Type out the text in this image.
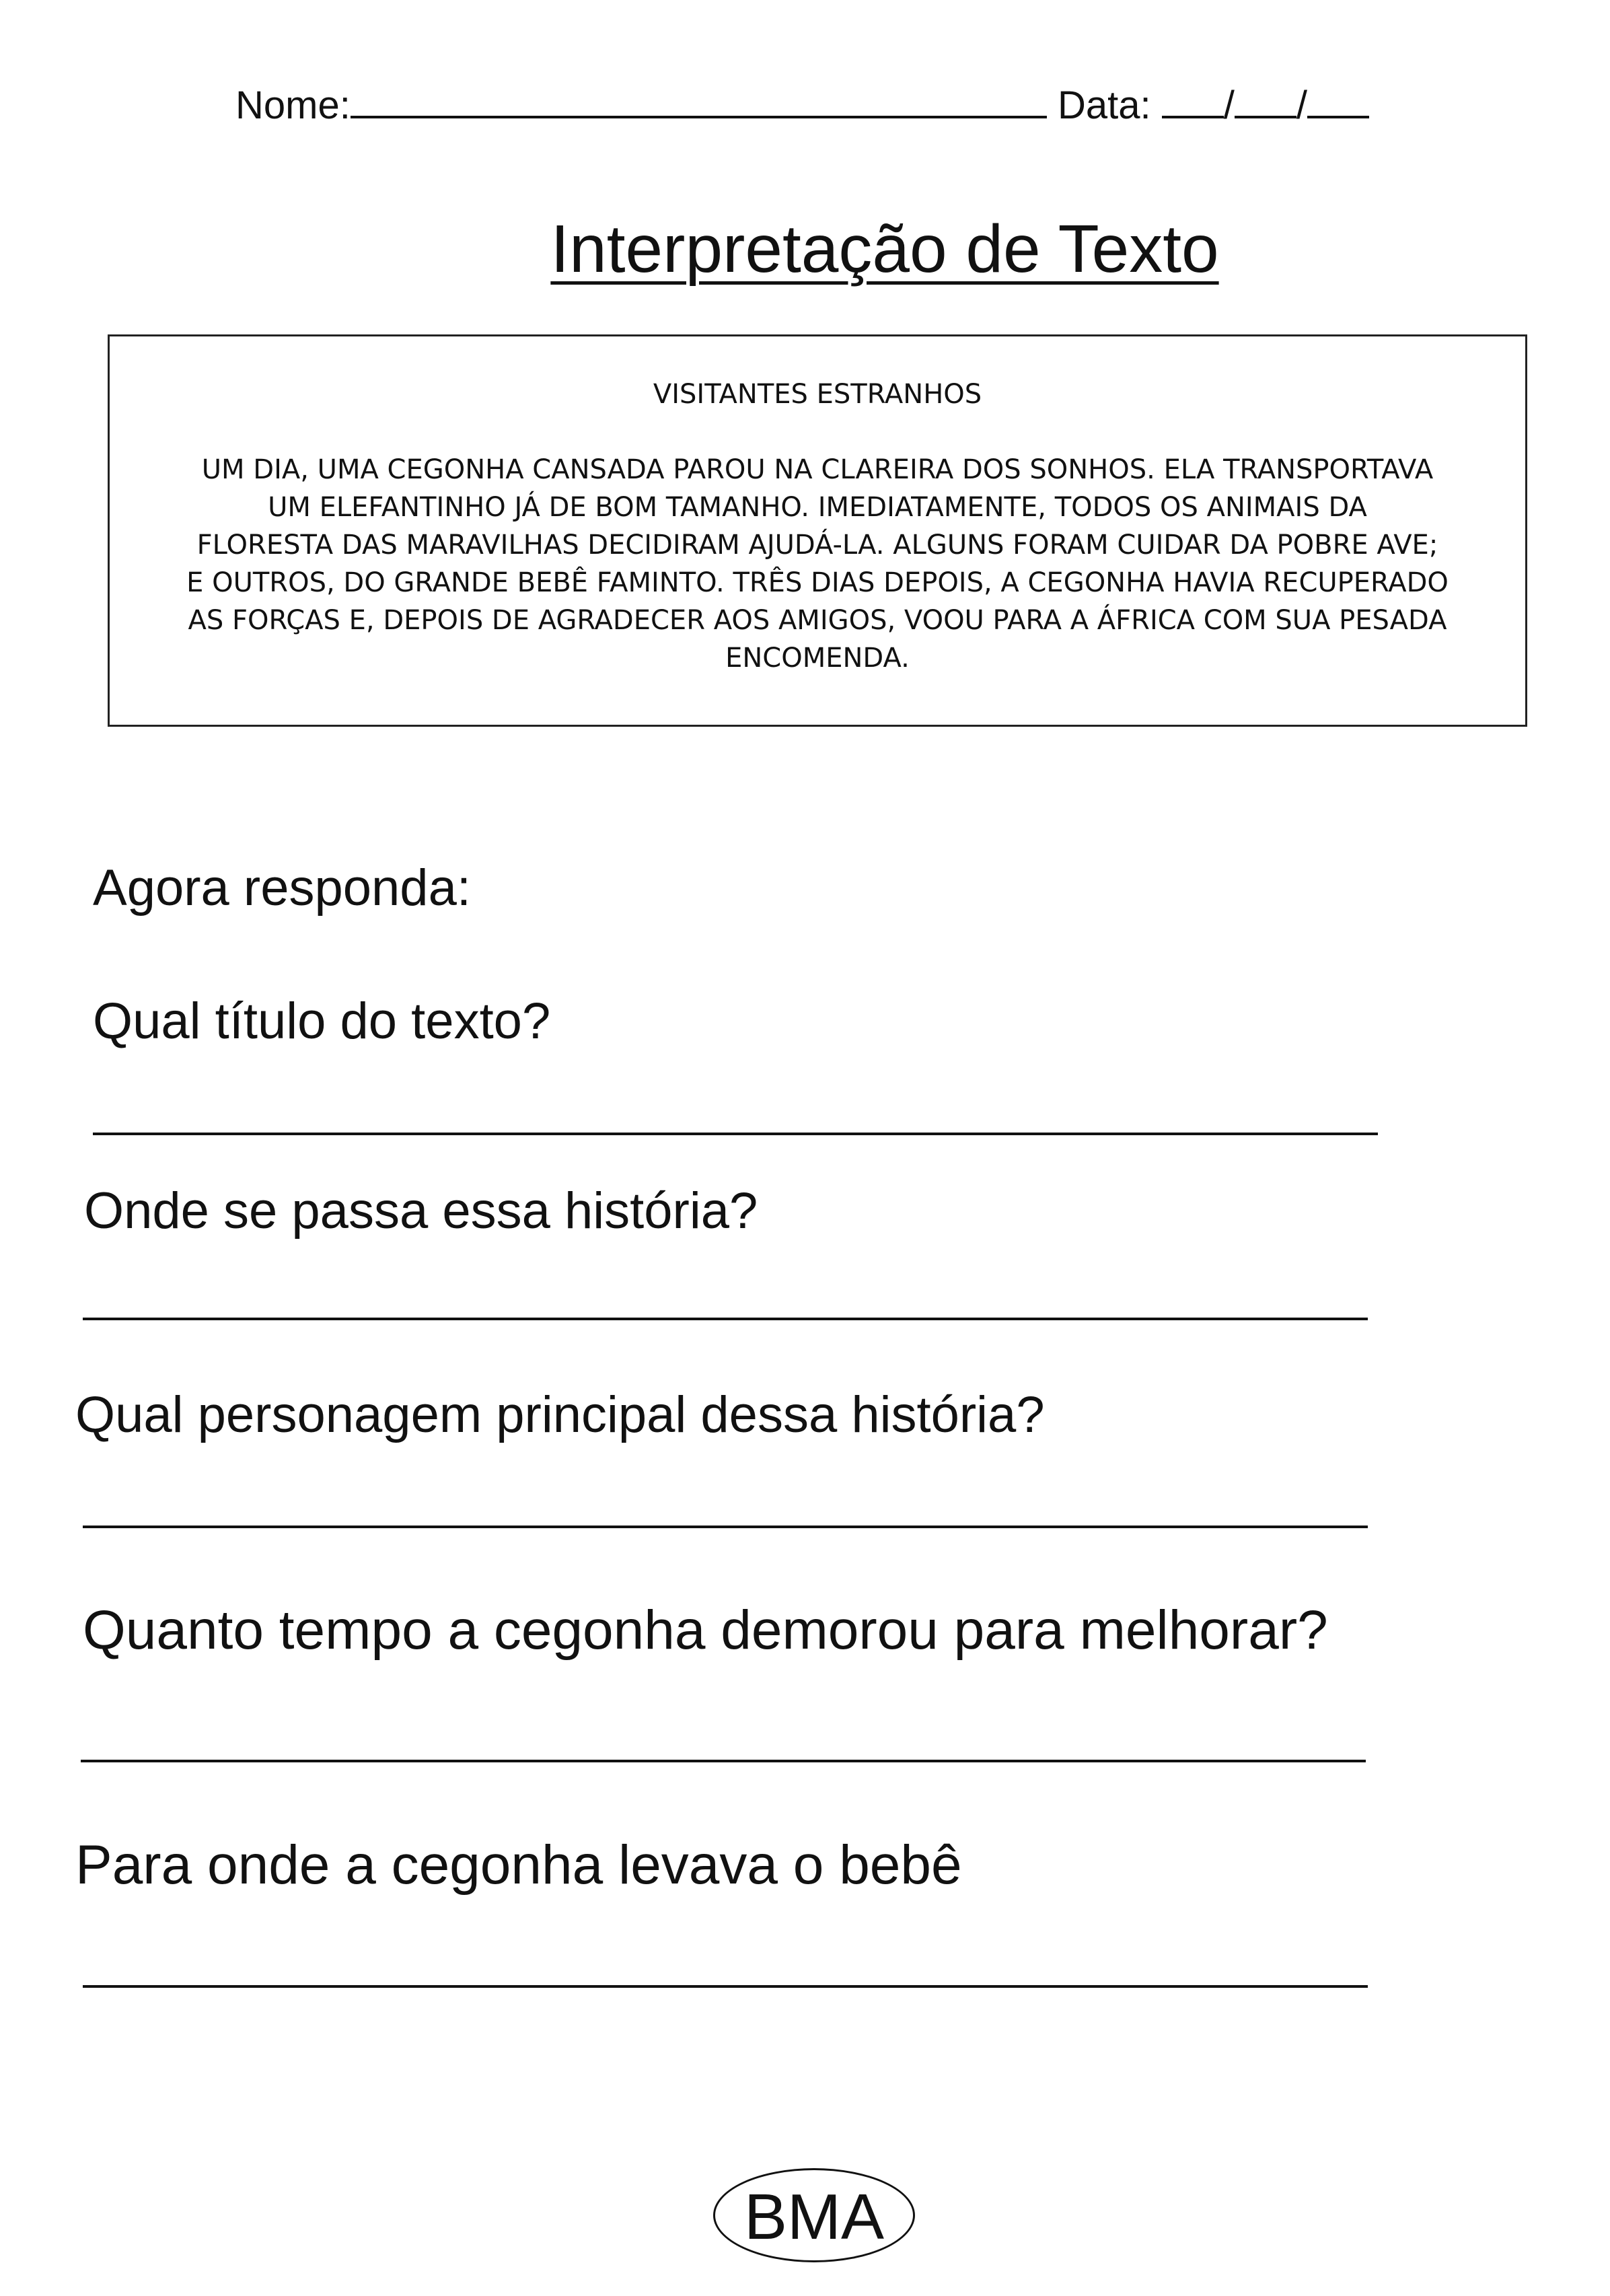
Nome:	Data: / /
Interpretação de Texto
VISITANTES ESTRANHOS
UM DIA, UMA CEGONHA CANSADA PAROU NA CLAREIRA DOS SONHOS. ELA TRANSPORTAVA
UM ELEFANTINHO JÁ DE BOM TAMANHO. IMEDIATAMENTE, TODOS OS ANIMAIS DA
FLORESTA DAS MARAVILHAS DECIDIRAM AJUDÁ-LA. ALGUNS FORAM CUIDAR DA POBRE AVE;
E OUTROS, DO GRANDE BEBÊ FAMINTO. TRÊS DIAS DEPOIS, A CEGONHA HAVIA RECUPERADO
AS FORÇAS E, DEPOIS DE AGRADECER AOS AMIGOS, VOOU PARA A ÁFRICA COM SUA PESADA
ENCOMENDA.
Agora responda:
Qual título do texto?
Onde se passa essa história?
Qual personagem principal dessa história?
Quanto tempo a cegonha demorou para melhorar?
Para onde a cegonha levava o bebê
BMA
